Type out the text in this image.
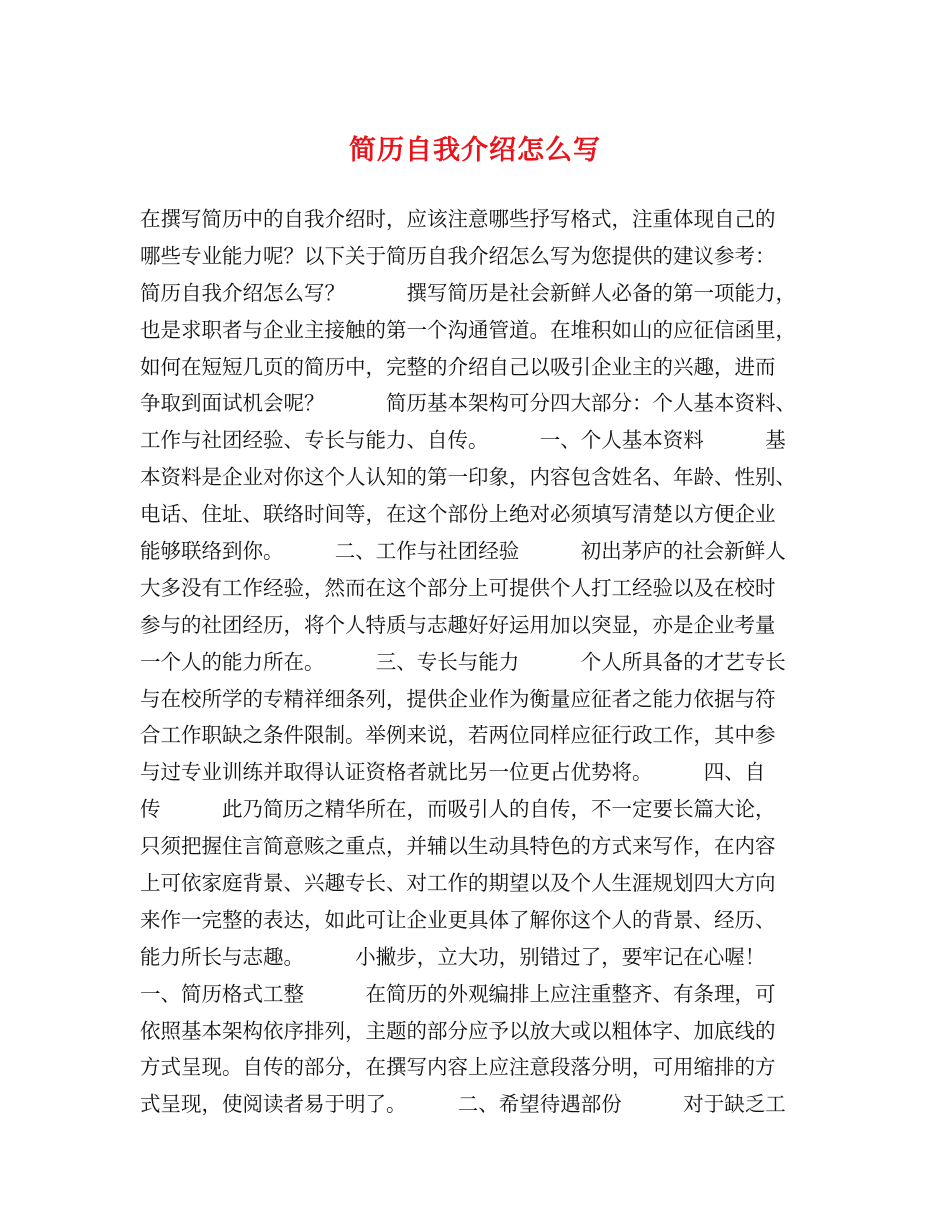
简历自我介绍怎么写
在撰写简历中的自我介绍时，应该注意哪些抒写格式，注重体现自己的
哪些专业能力呢？以下关于简历自我介绍怎么写为您提供的建议参考：
简历自我介绍怎么写？　　　撰写简历是社会新鲜人必备的第一项能力，
也是求职者与企业主接触的第一个沟通管道。在堆积如山的应征信函里，
如何在短短几页的简历中，完整的介绍自己以吸引企业主的兴趣，进而
争取到面试机会呢？　　　简历基本架构可分四大部分：个人基本资料、
工作与社团经验、专长与能力、自传。　　　一、个人基本资料　　　基
本资料是企业对你这个人认知的第一印象，内容包含姓名、年龄、性别、
电话、住址、联络时间等，在这个部份上绝对必须填写清楚以方便企业
能够联络到你。　　　二、工作与社团经验　　　初出茅庐的社会新鲜人
大多没有工作经验，然而在这个部分上可提供个人打工经验以及在校时
参与的社团经历，将个人特质与志趣好好运用加以突显，亦是企业考量
一个人的能力所在。　　　三、专长与能力　　　个人所具备的才艺专长
与在校所学的专精祥细条列，提供企业作为衡量应征者之能力依据与符
合工作职缺之条件限制。举例来说，若两位同样应征行政工作，其中参
与过专业训练并取得认证资格者就比另一位更占优势将。　　　四、自
传　　　此乃简历之精华所在，而吸引人的自传，不一定要长篇大论，
只须把握住言简意赅之重点，并辅以生动具特色的方式来写作，在内容
上可依家庭背景、兴趣专长、对工作的期望以及个人生涯规划四大方向
来作一完整的表达，如此可让企业更具体了解你这个人的背景、经历、
能力所长与志趣。　　　小撇步，立大功，别错过了，要牢记在心喔！
一、简历格式工整　　　在简历的外观编排上应注重整齐、有条理，可
依照基本架构依序排列，主题的部分应予以放大或以粗体字、加底线的
方式呈现。自传的部分，在撰写内容上应注意段落分明，可用缩排的方
式呈现，使阅读者易于明了。　　　二、希望待遇部份　　　对于缺乏工
